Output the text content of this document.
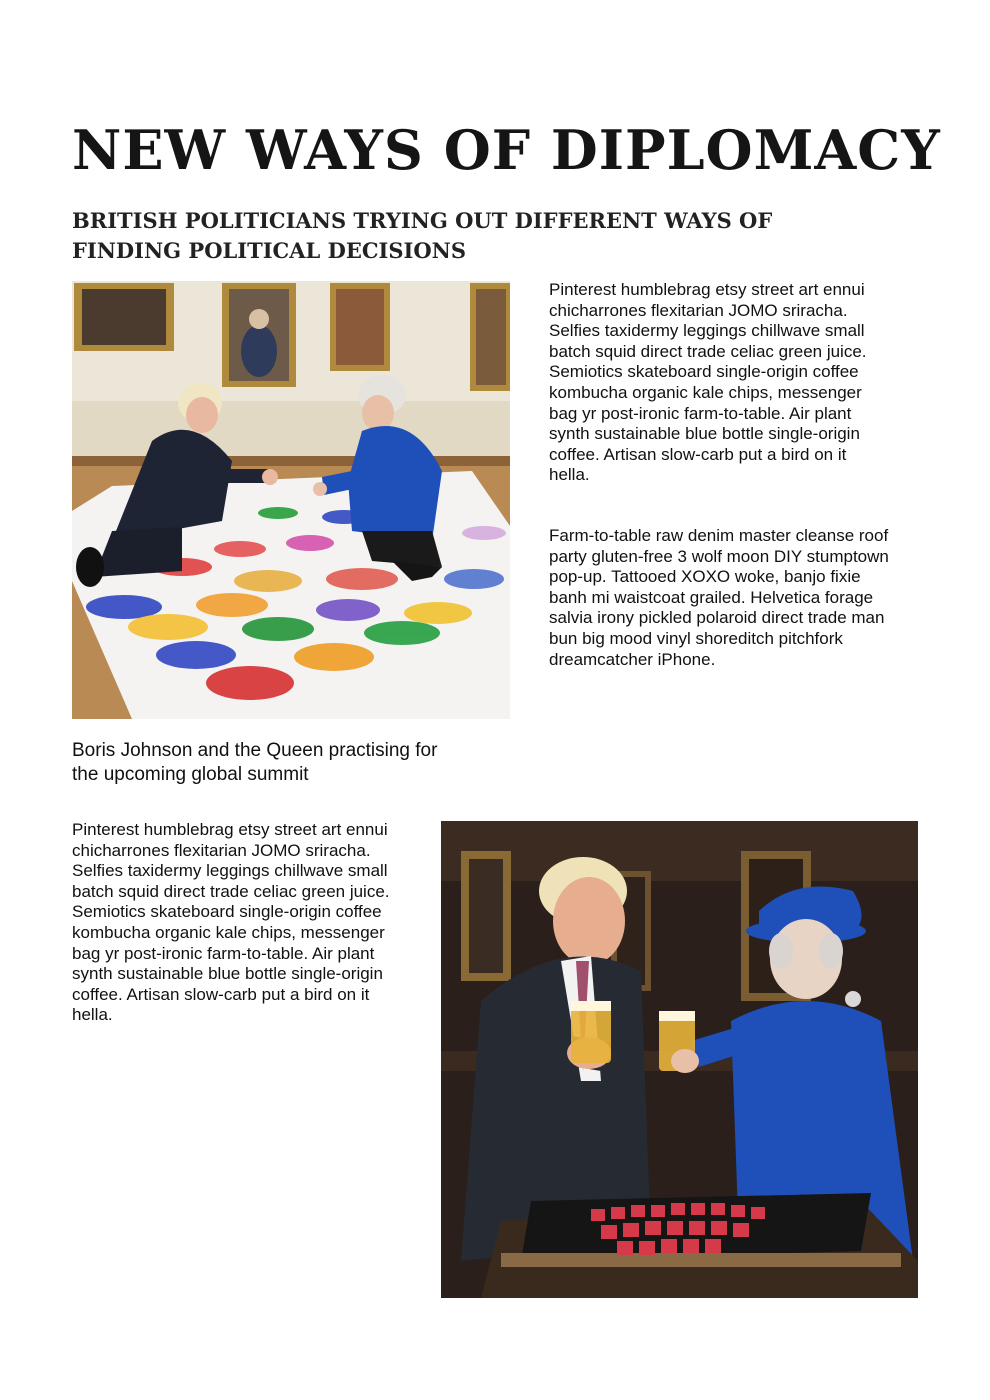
NEW WAYS OF DIPLOMACY
BRITISH POLITICIANS TRYING OUT DIFFERENT WAYS OF FINDING POLITICAL DECISIONS

Pinterest humblebrag etsy street art ennui chicharrones flexitarian JOMO sriracha. Selfies taxidermy leggings chillwave small batch squid direct trade celiac green juice. Semiotics skateboard single-origin coffee kombucha organic kale chips, messenger bag yr post-ironic farm-to-table. Air plant synth sustainable blue bottle single-origin coffee. Artisan slow-carb put a bird on it hella.

Farm-to-table raw denim master cleanse roof party gluten-free 3 wolf moon DIY stumptown pop-up. Tattooed XOXO woke, banjo fixie banh mi waistcoat grailed. Helvetica forage salvia irony pickled polaroid direct trade man bun big mood vinyl shoreditch pitchfork dreamcatcher iPhone.

Boris Johnson and the Queen practising for the upcoming global summit

Pinterest humblebrag etsy street art ennui chicharrones flexitarian JOMO sriracha. Selfies taxidermy leggings chillwave small batch squid direct trade celiac green juice. Semiotics skateboard single-origin coffee kombucha organic kale chips, messenger bag yr post-ironic farm-to-table. Air plant synth sustainable blue bottle single-origin coffee. Artisan slow-carb put a bird on it hella.
